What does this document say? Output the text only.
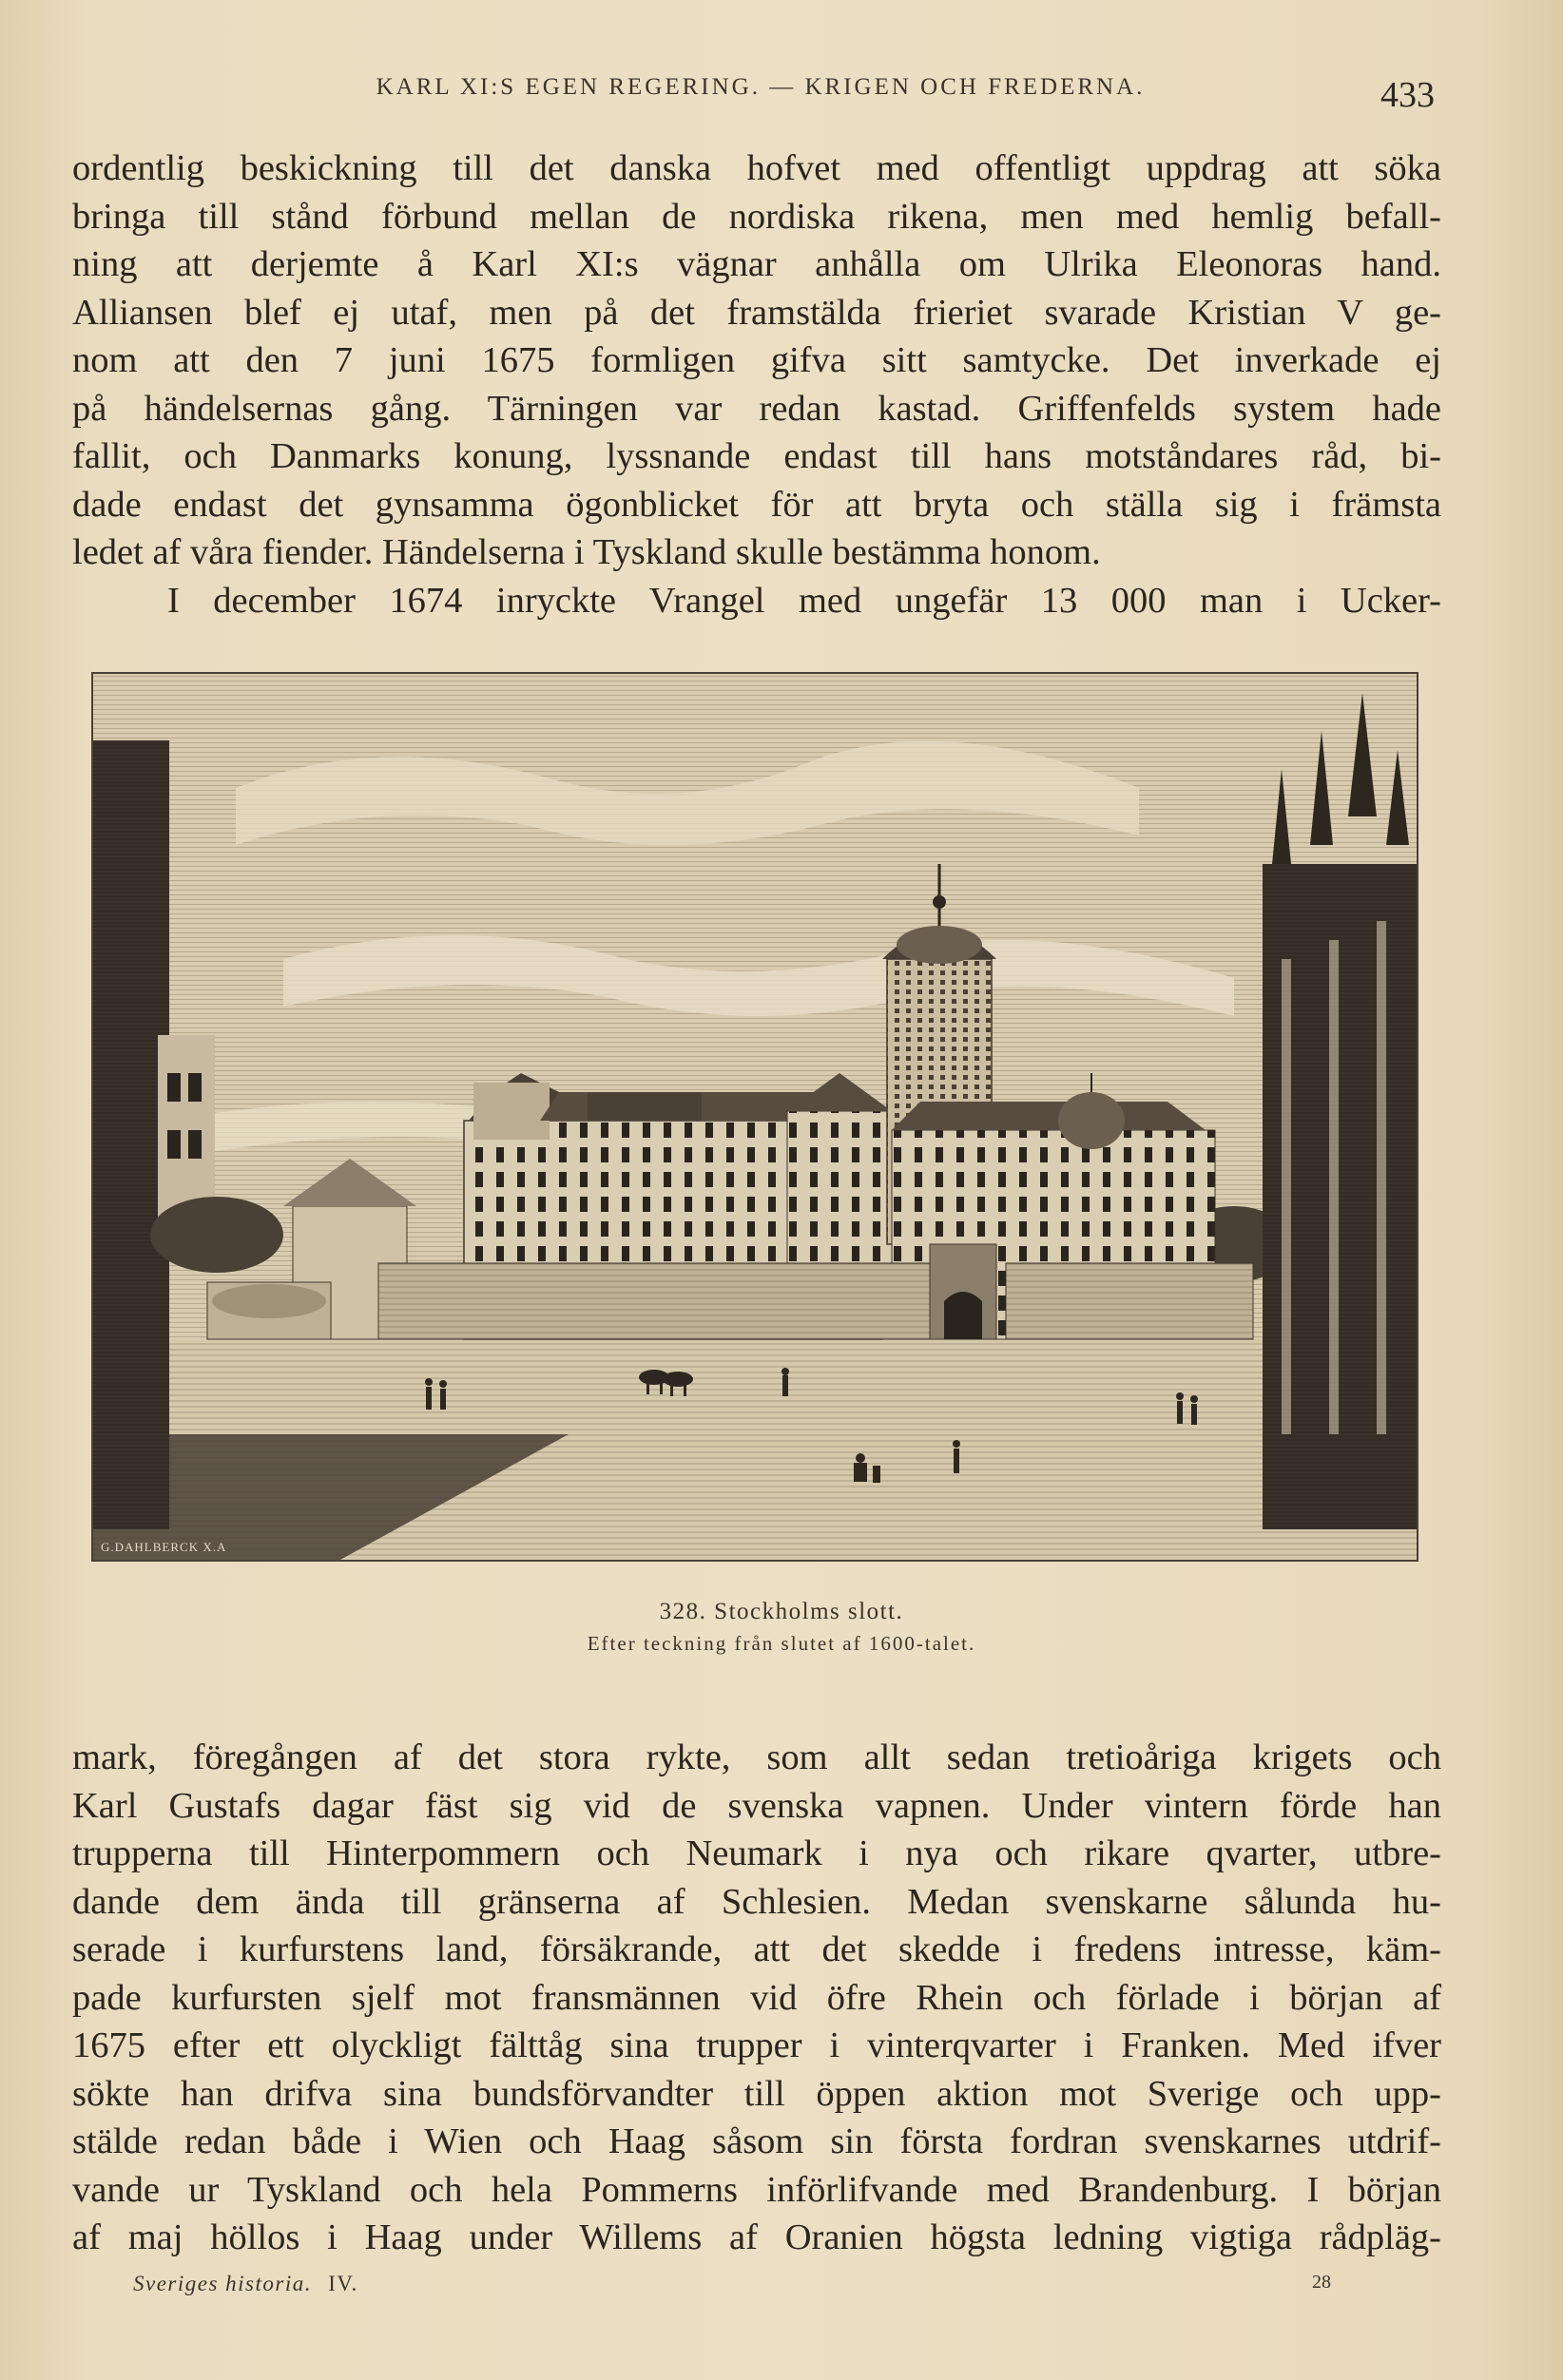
KARL XI:S EGEN REGERING. — KRIGEN OCH FREDERNA.	433
ordentlig beskickning till det danska hofvet med offentligt uppdrag att söka
bringa till stånd förbund mellan de nordiska rikena, men med hemlig befall-
ning att derjemte å Karl XI:s vägnar anhålla om Ulrika Eleonoras hand.
Alliansen blef ej utaf, men på det framstälda frieriet svarade Kristian V ge-
nom att den 7 juni 1675 formligen gifva sitt samtycke. Det inverkade ej
på händelsernas gång. Tärningen var redan kastad. Griffenfelds system hade
fallit, och Danmarks konung, lyssnande endast till hans motståndares råd, bi-
dade endast det gynsamma ögonblicket för att bryta och ställa sig i främsta
ledet af våra fiender. Händelserna i Tyskland skulle bestämma honom.
I december 1674 inryckte Vrangel med ungefär 13 000 man i Ucker-
G.DAHLBERCK X.A
328. Stockholms slott.
Efter teckning från slutet af 1600-talet.
mark, föregången af det stora rykte, som allt sedan tretioåriga krigets och
Karl Gustafs dagar fäst sig vid de svenska vapnen. Under vintern förde han
trupperna till Hinterpommern och Neumark i nya och rikare qvarter, utbre-
dande dem ända till gränserna af Schlesien. Medan svenskarne sålunda hu-
serade i kurfurstens land, försäkrande, att det skedde i fredens intresse, käm-
pade kurfursten sjelf mot fransmännen vid öfre Rhein och förlade i början af
1675 efter ett olyckligt fälttåg sina trupper i vinterqvarter i Franken. Med ifver
sökte han drifva sina bundsförvandter till öppen aktion mot Sverige och upp-
stälde redan både i Wien och Haag såsom sin första fordran svenskarnes utdrif-
vande ur Tyskland och hela Pommerns införlifvande med Brandenburg. I början
af maj höllos i Haag under Willems af Oranien högsta ledning vigtiga rådpläg-
Sveriges historia. IV.	28
